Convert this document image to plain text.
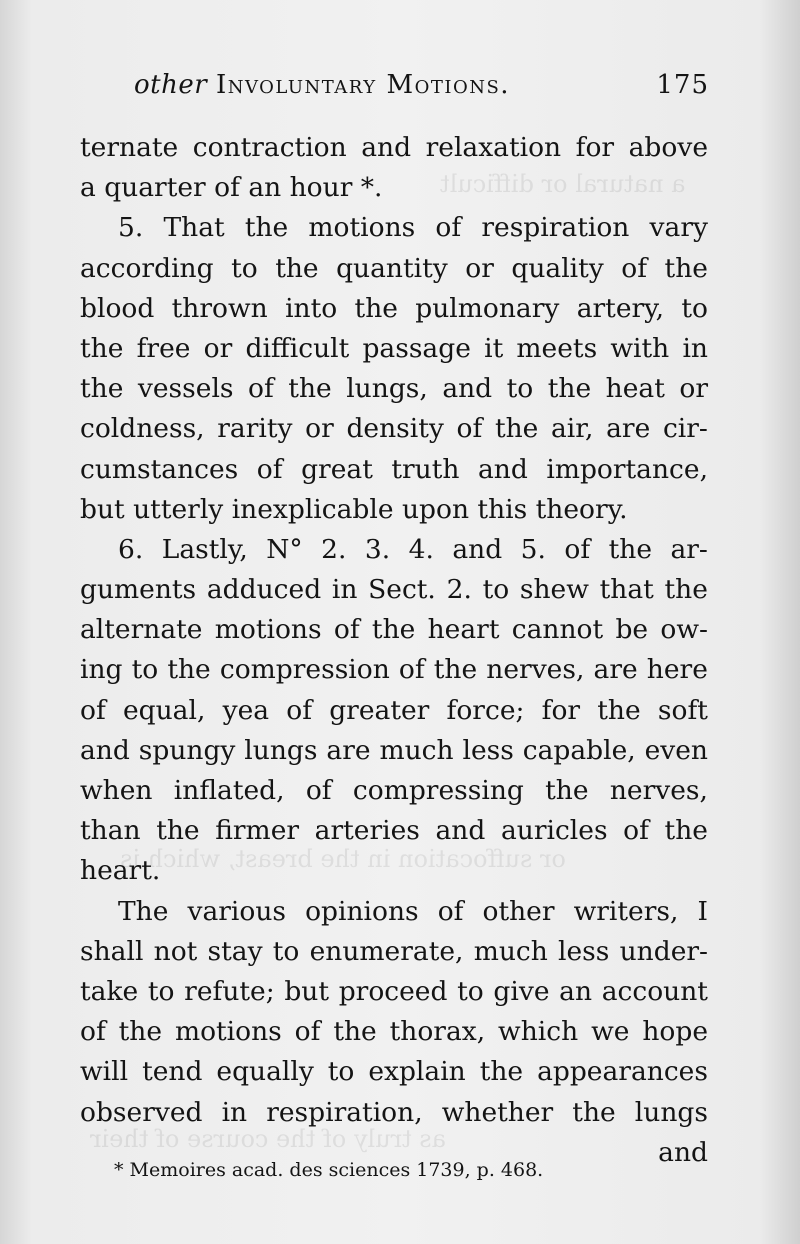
other Involuntary Motions.	175
a natural or difficult
or suffocation in the breast, which is
as truly of the course of their
ternate contraction and relaxation for above
a quarter of an hour *.
5. That the motions of respiration vary
according to the quantity or quality of the
blood thrown into the pulmonary artery, to
the free or difficult passage it meets with in
the vessels of the lungs, and to the heat or
coldness, rarity or density of the air, are cir-
cumstances of great truth and importance,
but utterly inexplicable upon this theory.
6. Lastly, N° 2. 3. 4. and 5. of the ar-
guments adduced in Sect. 2. to shew that the
alternate motions of the heart cannot be ow-
ing to the compression of the nerves, are here
of equal, yea of greater force; for the soft
and spungy lungs are much less capable, even
when inflated, of compressing the nerves,
than the firmer arteries and auricles of the
heart.
The various opinions of other writers, I
shall not stay to enumerate, much less under-
take to refute; but proceed to give an account
of the motions of the thorax, which we hope
will tend equally to explain the appearances
observed in respiration, whether the lungs
and
* Memoires acad. des sciences 1739, p. 468.
